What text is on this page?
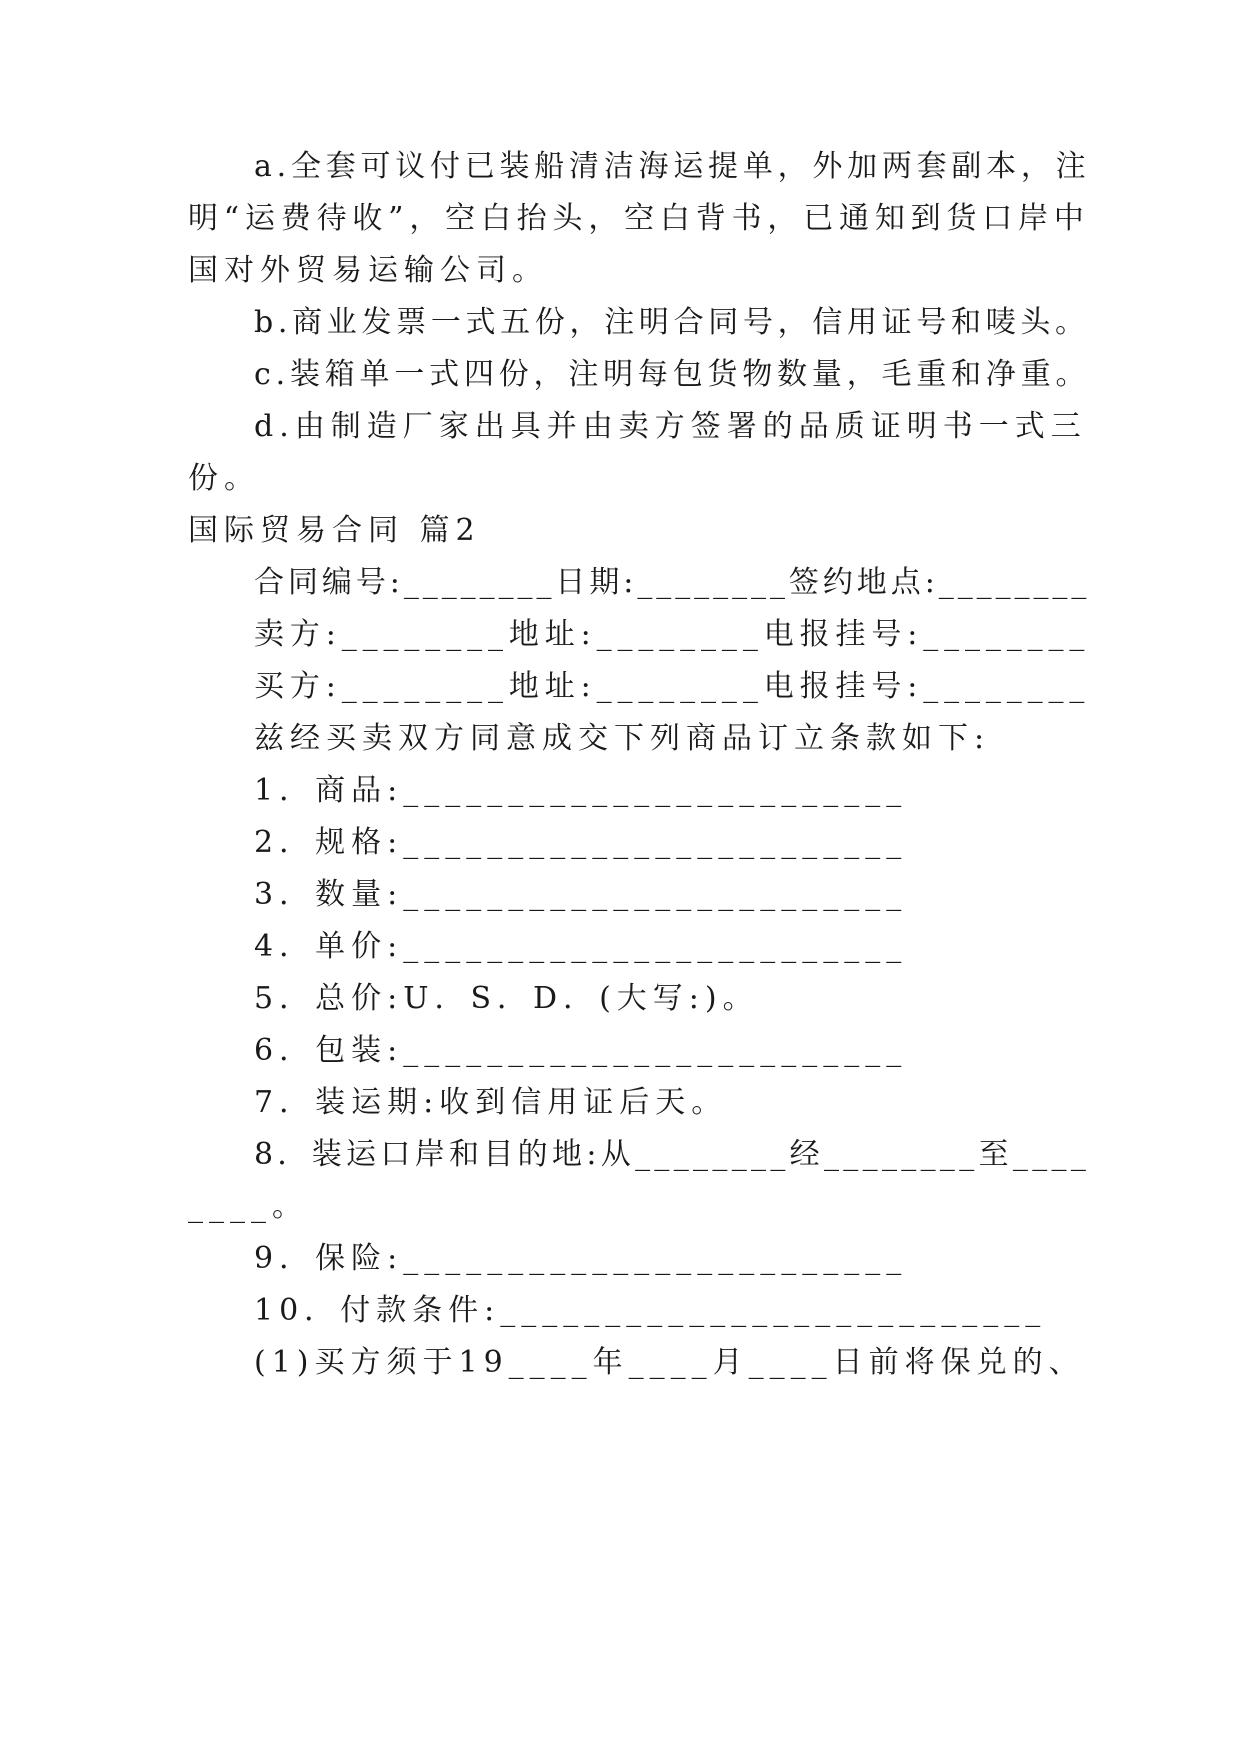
a.全套可议付已装船清洁海运提单，外加两套副本，注
明“运费待收”，空白抬头，空白背书，已通知到货口岸中
国对外贸易运输公司。
b.商业发票一式五份，注明合同号，信用证号和唛头。
c.装箱单一式四份，注明每包货物数量，毛重和净重。
d.由制造厂家出具并由卖方签署的品质证明书一式三
份。
国际贸易合同 篇2
合同编号:________日期:________签约地点:________
卖方:________地址:________电报挂号:________
买方:________地址:________电报挂号:________
兹经买卖双方同意成交下列商品订立条款如下:
1．商品:________________________
2．规格:________________________
3．数量:________________________
4．单价:________________________
5．总价:U．S．D．(大写:)。
6．包装:________________________
7．装运期:收到信用证后天。
8．装运口岸和目的地:从________经________至____
____。
9．保险:________________________
10．付款条件:__________________________
(1)买方须于19____年____月____日前将保兑的、
